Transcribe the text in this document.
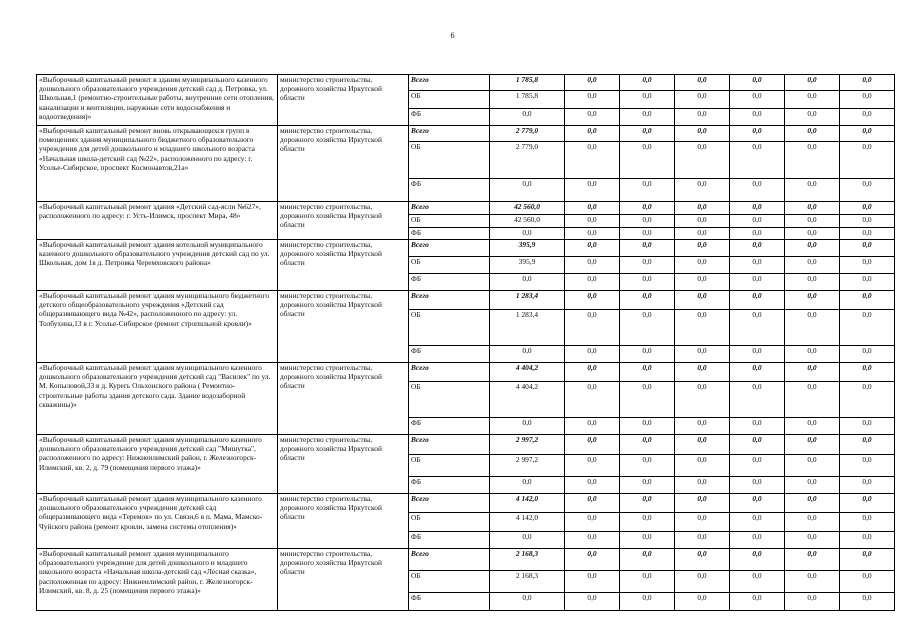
6
«Выборочный капитальный ремонт в здании муниципального казенного дошкольного образовательного учреждения детский сад д. Петровка, ул. Школьная,1 (ремонтно-строительные работы, внутренние сети отопления, канализации и вентиляции, наружные сети водоснабжения и водоотведения)»	министерство строительства, дорожного хозяйства Иркутской области	Всего	1 785,8	0,0	0,0	0,0	0,0	0,0	0,0
		ОБ	1 785,8	0,0	0,0	0,0	0,0	0,0	0,0
		ФБ	0,0	0,0	0,0	0,0	0,0	0,0	0,0
«Выборочный капитальный ремонт вновь открывающихся групп в помещениях здания муниципального бюджетного образовательного учреждения для детей дошкольного и младшего школьного возраста «Начальная школа-детский сад №22», расположенного по адресу: г. Усолье-Сибирское, проспект Космонавтов,21а»	министерство строительства, дорожного хозяйства Иркутской области	Всего	2 779,0	0,0	0,0	0,0	0,0	0,0	0,0
		ОБ	2 779,0	0,0	0,0	0,0	0,0	0,0	0,0
		ФБ	0,0	0,0	0,0	0,0	0,0	0,0	0,0
«Выборочный капитальный ремонт здания «Детский сад-ясли №627», расположенного по адресу: г. Усть-Илимск, проспект Мира, 48»	министерство строительства, дорожного хозяйства Иркутской области	Всего	42 560,0	0,0	0,0	0,0	0,0	0,0	0,0
		ОБ	42 560,0	0,0	0,0	0,0	0,0	0,0	0,0
		ФБ	0,0	0,0	0,0	0,0	0,0	0,0	0,0
«Выборочный капитальный ремонт здания котельной муниципального казенного дошкольного образовательного учреждения детский сад по ул. Школьная, дом 1в д. Петровка Черемховского района»	министерство строительства, дорожного хозяйства Иркутской области	Всего	395,9	0,0	0,0	0,0	0,0	0,0	0,0
		ОБ	395,9	0,0	0,0	0,0	0,0	0,0	0,0
		ФБ	0,0	0,0	0,0	0,0	0,0	0,0	0,0
«Выборочный капитальный ремонт здания муниципального бюджетного детского общеобразовательного учреждения «Детский сад общеразвивающего вида №42», расположенного по адресу: ул. Толбухина,13 в г. Усолье-Сибирское (ремонт стропильной кровли)»	министерство строительства, дорожного хозяйства Иркутской области	Всего	1 283,4	0,0	0,0	0,0	0,0	0,0	0,0
		ОБ	1 283,4	0,0	0,0	0,0	0,0	0,0	0,0
		ФБ	0,0	0,0	0,0	0,0	0,0	0,0	0,0
«Выборочный капитальный ремонт здания муниципального казенного дошкольного образовательного учреждения детский сад "Василек" по ул. М. Копыловой,33 в д. Курегь Ольхонского района ( Ремонтно-строительные работы здания детского сада. Здание водозаборной скважины)»	министерство строительства, дорожного хозяйства Иркутской области	Всего	4 404,2	0,0	0,0	0,0	0,0	0,0	0,0
		ОБ	4 404,2	0,0	0,0	0,0	0,0	0,0	0,0
		ФБ	0,0	0,0	0,0	0,0	0,0	0,0	0,0
«Выборочный капитальный ремонт здания муниципального казенного дошкольного образовательного учреждения детский сад "Мишутка", расположенного по адресу: Нижнеилимский район, г. Железногорск-Илимский, кв. 2, д. 79 (помещения первого этажа)»	министерство строительства, дорожного хозяйства Иркутской области	Всего	2 997,2	0,0	0,0	0,0	0,0	0,0	0,0
		ОБ	2 997,2	0,0	0,0	0,0	0,0	0,0	0,0
		ФБ	0,0	0,0	0,0	0,0	0,0	0,0	0,0
«Выборочный капитальный ремонт здания муниципального казенного дошкольного образовательного учреждения детский сад общеразвивающего вида «Теремок» по ул. Связи,6 в п. Мама, Мамско-Чуйского района (ремонт кровли, замена системы отопления)»	министерство строительства, дорожного хозяйства Иркутской области	Всего	4 142,0	0,0	0,0	0,0	0,0	0,0	0,0
		ОБ	4 142,0	0,0	0,0	0,0	0,0	0,0	0,0
		ФБ	0,0	0,0	0,0	0,0	0,0	0,0	0,0
«Выборочный капитальный ремонт здания муниципального образовательного учреждение для детей дошкольного и младшего школьного возраста «Начальная школа-детский сад «Лесная сказка», расположенная по адресу: Нижнеилимский район, г. Железногорск-Илимский, кв. 8, д. 25 (помещения первого этажа)»	министерство строительства, дорожного хозяйства Иркутской области	Всего	2 168,3	0,0	0,0	0,0	0,0	0,0	0,0
		ОБ	2 168,3	0,0	0,0	0,0	0,0	0,0	0,0
		ФБ	0,0	0,0	0,0	0,0	0,0	0,0	0,0
